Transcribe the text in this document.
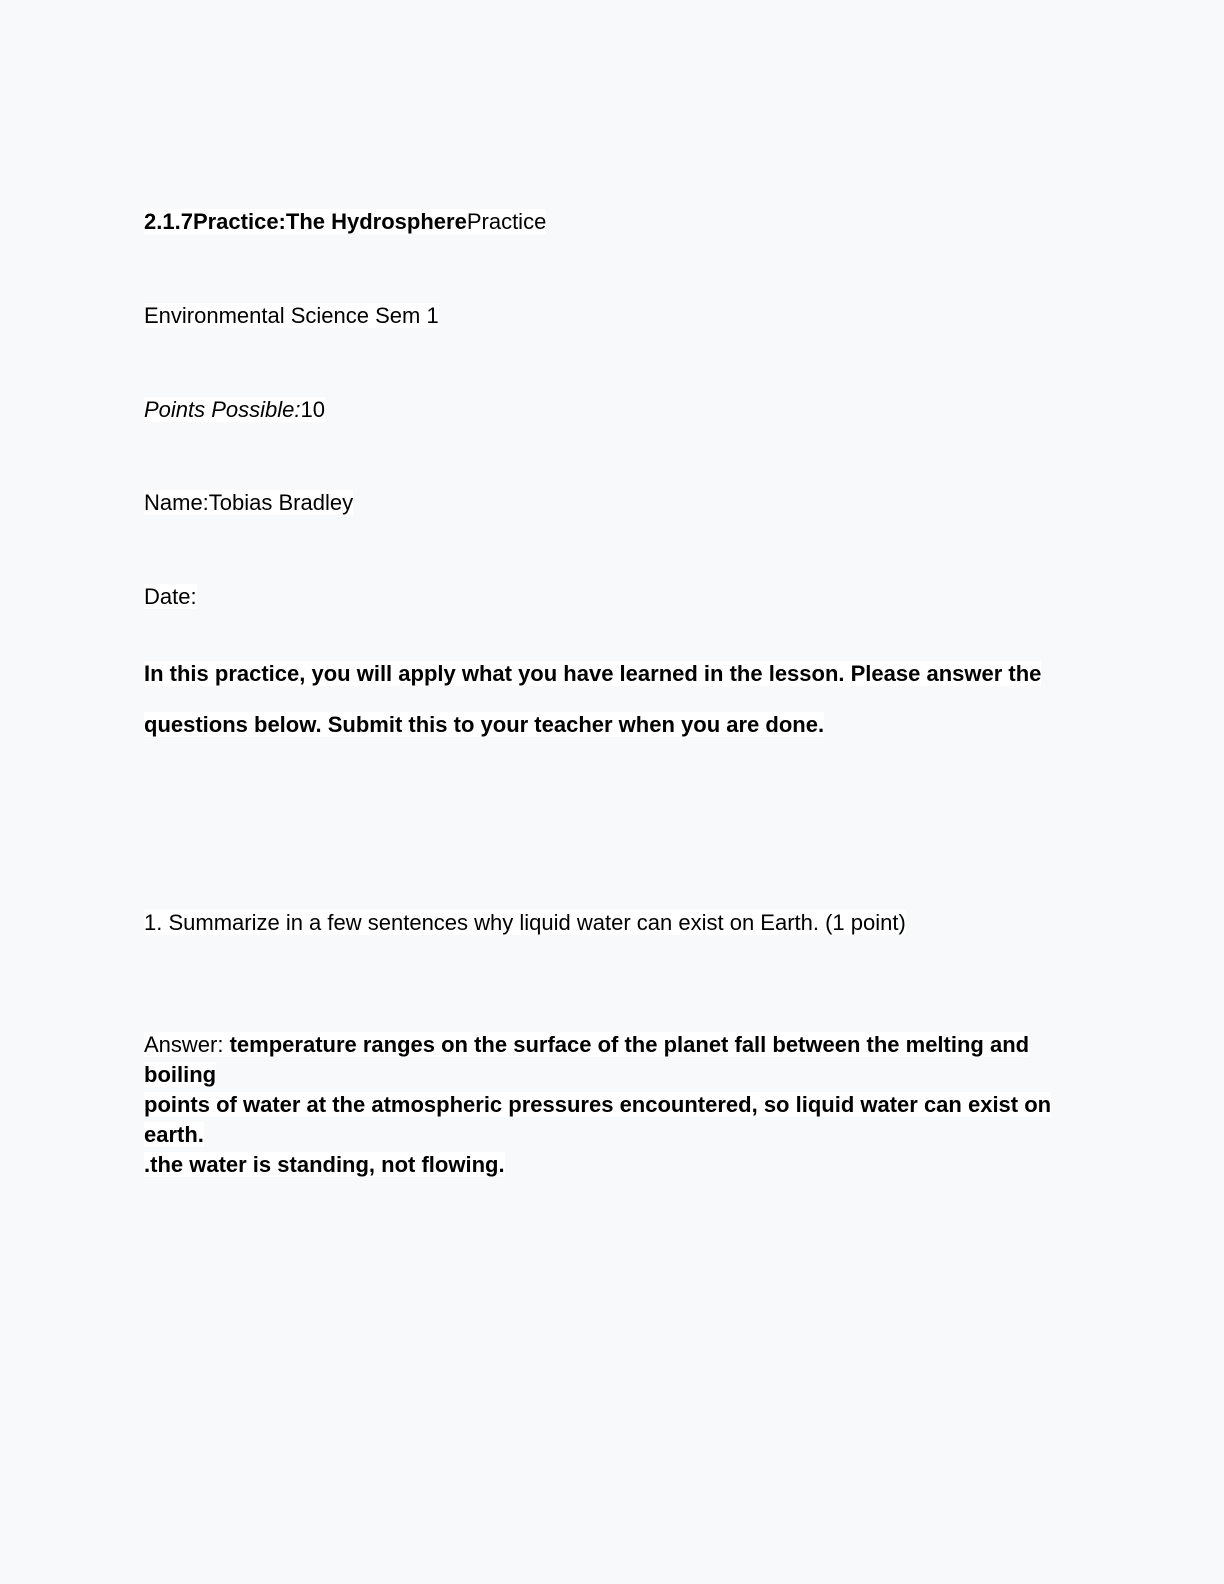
2.1.7Practice:The HydrospherePractice
Environmental Science Sem 1
Points Possible:10
Name:Tobias Bradley
Date:
In this practice, you will apply what you have learned in the lesson. Please answer the
questions below. Submit this to your teacher when you are done.
1. Summarize in a few sentences why liquid water can exist on Earth. (1 point)
Answer: temperature ranges on the surface of the planet fall between the melting and boiling
points of water at the atmospheric pressures encountered, so liquid water can exist on earth.
.the water is standing, not flowing.
